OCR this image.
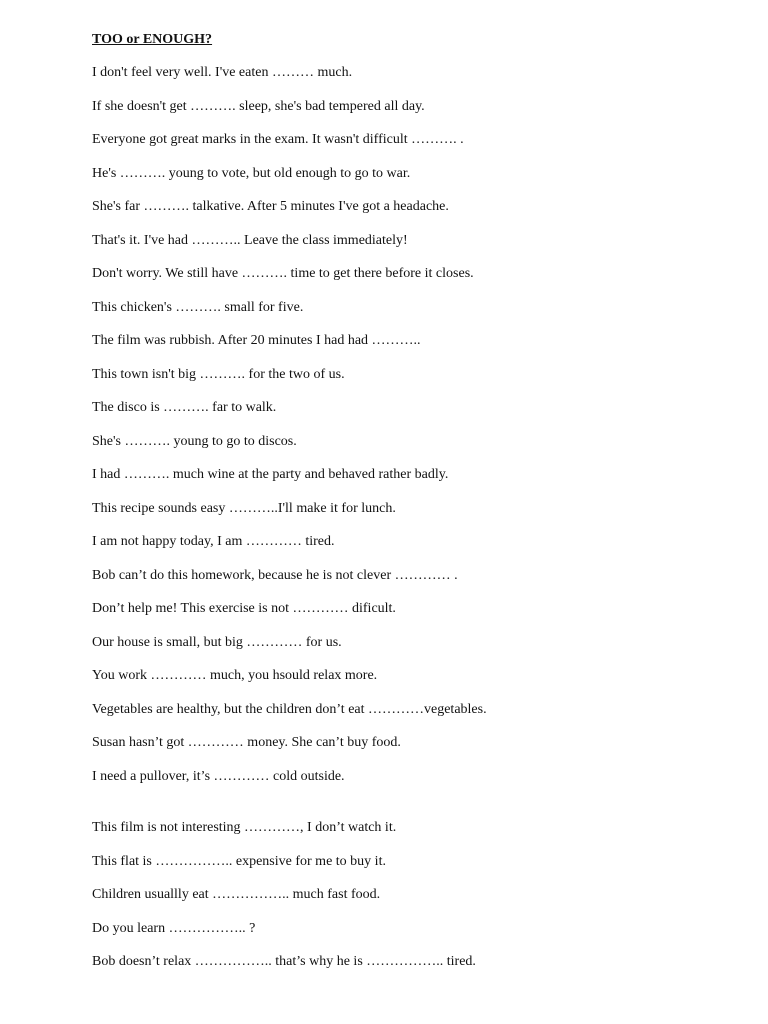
TOO or ENOUGH?
I don't feel very well. I've eaten ……… much.
If she doesn't get ………. sleep, she's bad tempered all day.
Everyone got great marks in the exam. It wasn't difficult ………. .
He's ………. young to vote, but old enough to go to war.
She's far ………. talkative. After 5 minutes I've got a headache.
That's it. I've had ……….. Leave the class immediately!
Don't worry. We still have ………. time to get there before it closes.
This chicken's ………. small for five.
The film was rubbish. After 20 minutes I had had ………..
This town isn't big ………. for the two of us.
The disco is ………. far to walk.
She's ………. young to go to discos.
I had ………. much wine at the party and behaved rather badly.
This recipe sounds easy ………..I'll make it for lunch.
I am not happy today, I am ………… tired.
Bob can’t do this homework, because he is not clever ………… .
Don’t help me! This exercise is not ………… dificult.
Our house is small, but big ………… for us.
You work ………… much, you hsould relax more.
Vegetables are healthy, but the children don’t eat …………vegetables.
Susan hasn’t got ………… money. She can’t buy food.
I need a pullover, it’s ………… cold outside.
This film is not interesting …………, I don’t watch it.
This flat is …………….. expensive for me to buy it.
Children usuallly eat …………….. much fast food.
Do you learn …………….. ?
Bob doesn’t relax …………….. that’s why he is …………….. tired.
